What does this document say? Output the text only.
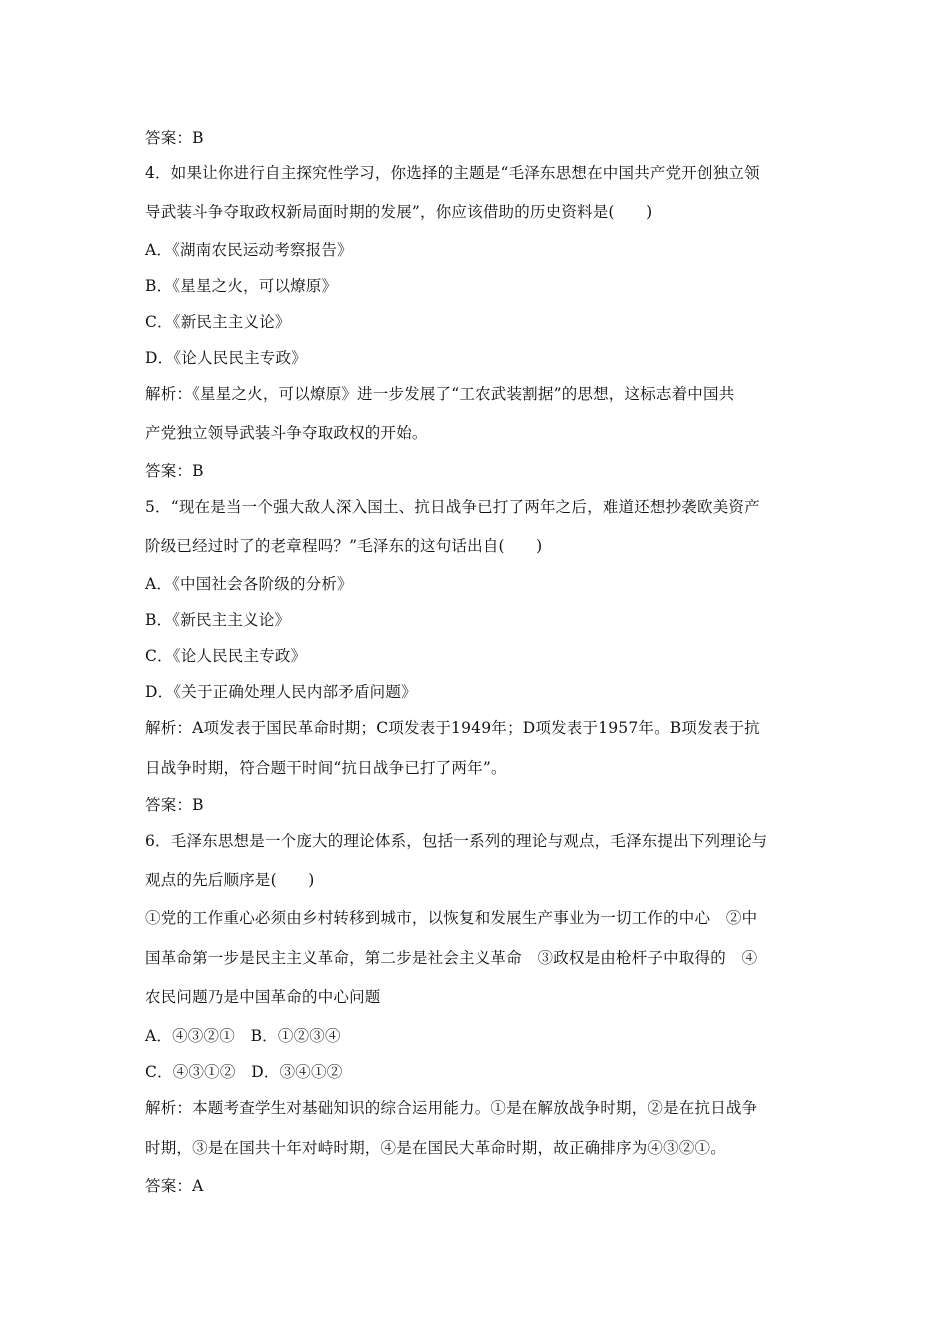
答案：B
4．如果让你进行自主探究性学习，你选择的主题是“毛泽东思想在中国共产党开创独立领
导武装斗争夺取政权新局面时期的发展”，你应该借助的历史资料是(　　)
A．《湖南农民运动考察报告》
B．《星星之火，可以燎原》
C．《新民主主义论》
D．《论人民民主专政》
解析：《星星之火，可以燎原》进一步发展了“工农武装割据”的思想，这标志着中国共
产党独立领导武装斗争夺取政权的开始。
答案：B
5．“现在是当一个强大敌人深入国土、抗日战争已打了两年之后，难道还想抄袭欧美资产
阶级已经过时了的老章程吗？”毛泽东的这句话出自(　　)
A．《中国社会各阶级的分析》
B．《新民主主义论》
C．《论人民民主专政》
D．《关于正确处理人民内部矛盾问题》
解析：A项发表于国民革命时期；C项发表于1949年；D项发表于1957年。B项发表于抗
日战争时期，符合题干时间“抗日战争已打了两年”。
答案：B
6．毛泽东思想是一个庞大的理论体系，包括一系列的理论与观点，毛泽东提出下列理论与
观点的先后顺序是(　　)
①党的工作重心必须由乡村转移到城市，以恢复和发展生产事业为一切工作的中心　②中
国革命第一步是民主主义革命，第二步是社会主义革命　③政权是由枪杆子中取得的　④
农民问题乃是中国革命的中心问题
A．④③②①　B．①②③④
C．④③①②　D．③④①②
解析：本题考查学生对基础知识的综合运用能力。①是在解放战争时期，②是在抗日战争
时期，③是在国共十年对峙时期，④是在国民大革命时期，故正确排序为④③②①。
答案：A
